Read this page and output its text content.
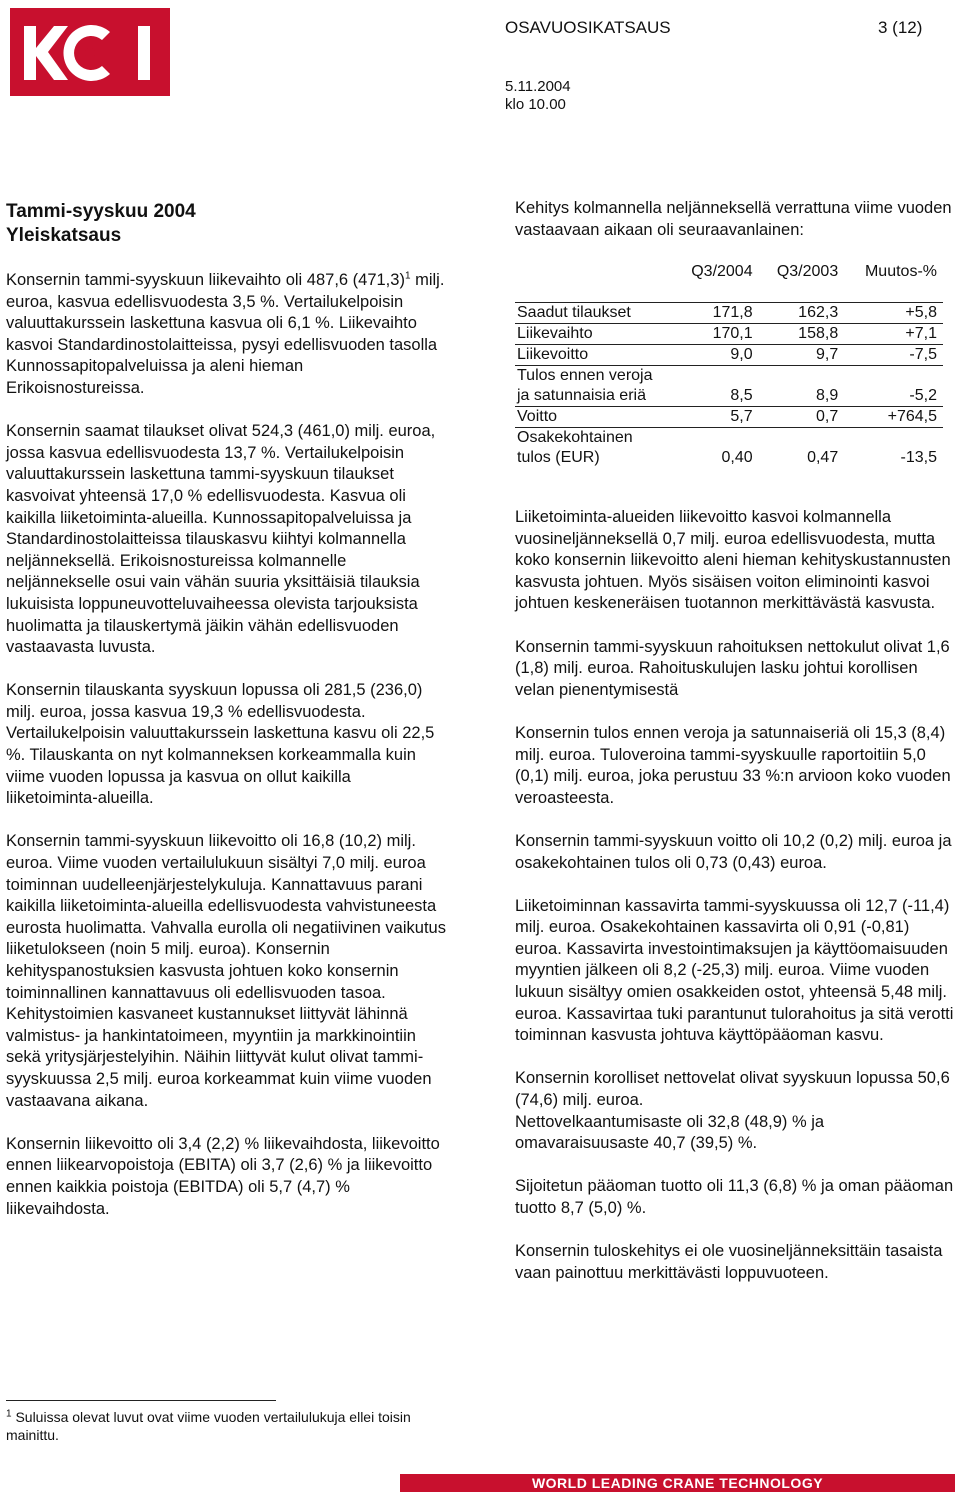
OSAVUOSIKATSAUS	3 (12)
5.11.2004
klo 10.00
Tammi-syyskuu 2004
Yleiskatsaus

Konsernin tammi-syyskuun liikevaihto oli 487,6 $(471,3)^1$ milj. euroa, kasvua edellisvuodesta 3,5 %. Vertailukelpoisin valuuttakurssein laskettuna kasvua oli 6,1 %. Liikevaihto kasvoi Standardinostolaitteissa, pysyi edellisvuoden tasolla Kunnossapitopalveluissa ja aleni hieman Erikoisnostureissa.

Konsernin saamat tilaukset olivat 524,3 (461,0) milj. euroa, jossa kasvua edellisvuodesta 13,7 %. Vertailukelpoisin valuuttakurssein laskettuna tammi-syyskuun tilaukset kasvoivat yhteensä 17,0 % edellisvuodesta. Kasvua oli kaikilla liiketoiminta-alueilla. Kunnossapitopalveluissa ja Standardinostolaitteissa tilauskasvu kiihtyi kolmannella neljänneksellä. Erikoisnostureissa kolmannelle neljännekselle osui vain vähän suuria yksittäisiä tilauksia lukuisista loppuneuvotteluvaiheessa olevista tarjouksista huolimatta ja tilauskertymä jäikin vähän edellisvuoden vastaavasta luvusta.

Konsernin tilauskanta syyskuun lopussa oli 281,5 (236,0) milj. euroa, jossa kasvua 19,3 % edellisvuodesta. Vertailukelpoisin valuuttakurssein laskettuna kasvu oli 22,5 %. Tilauskanta on nyt kolmanneksen korkeammalla kuin viime vuoden lopussa ja kasvua on ollut kaikilla liiketoiminta-alueilla.

Konsernin tammi-syyskuun liikevoitto oli 16,8 (10,2) milj. euroa. Viime vuoden vertailulukuun sisältyi 7,0 milj. euroa toiminnan uudelleenjärjestelykuluja. Kannattavuus parani kaikilla liiketoiminta-alueilla edellisvuodesta vahvistuneesta eurosta huolimatta. Vahvalla eurolla oli negatiivinen vaikutus liiketulokseen (noin 5 milj. euroa). Konsernin kehityspanostuksien kasvusta johtuen koko konsernin toiminnallinen kannattavuus oli edellisvuoden tasoa. Kehitystoimien kasvaneet kustannukset liittyvät lähinnä valmistus- ja hankintatoimeen, myyntiin ja markkinointiin sekä yritysjärjestelyihin. Näihin liittyvät kulut olivat tammi-syyskuussa 2,5 milj. euroa korkeammat kuin viime vuoden vastaavana aikana.

Konsernin liikevoitto oli 3,4 (2,2) % liikevaihdosta, liikevoitto ennen liikearvopoistoja (EBITA) oli 3,7 (2,6) % ja liikevoitto ennen kaikkia poistoja (EBITDA) oli 5,7 (4,7) % liikevaihdosta.

Kehitys kolmannella neljänneksellä verrattuna viime vuoden vastaavaan aikaan oli seuraavanlainen:
	Q3/2004	Q3/2003	Muutos-%
Saadut tilaukset	171,8	162,3	+5,8
Liikevaihto	170,1	158,8	+7,1
Liikevoitto	9,0	9,7	-7,5
Tulos ennen veroja ja satunnaisia eriä	8,5	8,9	-5,2
Voitto	5,7	0,7	+764,5
Osakekohtainen tulos (EUR)	0,40	0,47	-13,5

Liiketoiminta-alueiden liikevoitto kasvoi kolmannella vuosineljänneksellä 0,7 milj. euroa edellisvuodesta, mutta koko konsernin liikevoitto aleni hieman kehityskustannusten kasvusta johtuen. Myös sisäisen voiton eliminointi kasvoi johtuen keskeneräisen tuotannon merkittävästä kasvusta.

Konsernin tammi-syyskuun rahoituksen nettokulut olivat 1,6 (1,8) milj. euroa. Rahoituskulujen lasku johtui korollisen velan pienentymisestä

Konsernin tulos ennen veroja ja satunnaiseriä oli 15,3 (8,4) milj. euroa. Tuloveroina tammi-syyskuulle raportoitiin 5,0 (0,1) milj. euroa, joka perustuu 33 %:n arvioon koko vuoden veroasteesta.

Konsernin tammi-syyskuun voitto oli 10,2 (0,2) milj. euroa ja osakekohtainen tulos oli 0,73 (0,43) euroa.

Liiketoiminnan kassavirta tammi-syyskuussa oli 12,7 (-11,4) milj. euroa. Osakekohtainen kassavirta oli 0,91 (-0,81) euroa. Kassavirta investointimaksujen ja käyttöomaisuuden myyntien jälkeen oli 8,2 (-25,3) milj. euroa. Viime vuoden lukuun sisältyy omien osakkeiden ostot, yhteensä 5,48 milj. euroa. Kassavirtaa tuki parantunut tulorahoitus ja sitä verotti toiminnan kasvusta johtuva käyttöpääoman kasvu.

Konsernin korolliset nettovelat olivat syyskuun lopussa 50,6 (74,6) milj. euroa.
Nettovelkaantumisaste oli 32,8 (48,9) % ja omavaraisuusaste 40,7 (39,5) %.

Sijoitetun pääoman tuotto oli 11,3 (6,8) % ja oman pääoman tuotto 8,7 (5,0) %.

Konsernin tuloskehitys ei ole vuosineljänneksittäin tasaista vaan painottuu merkittävästi loppuvuoteen.

$^1$ Suluissa olevat luvut ovat viime vuoden vertailulukuja ellei toisin mainittu.
WORLD LEADING CRANE TECHNOLOGY
